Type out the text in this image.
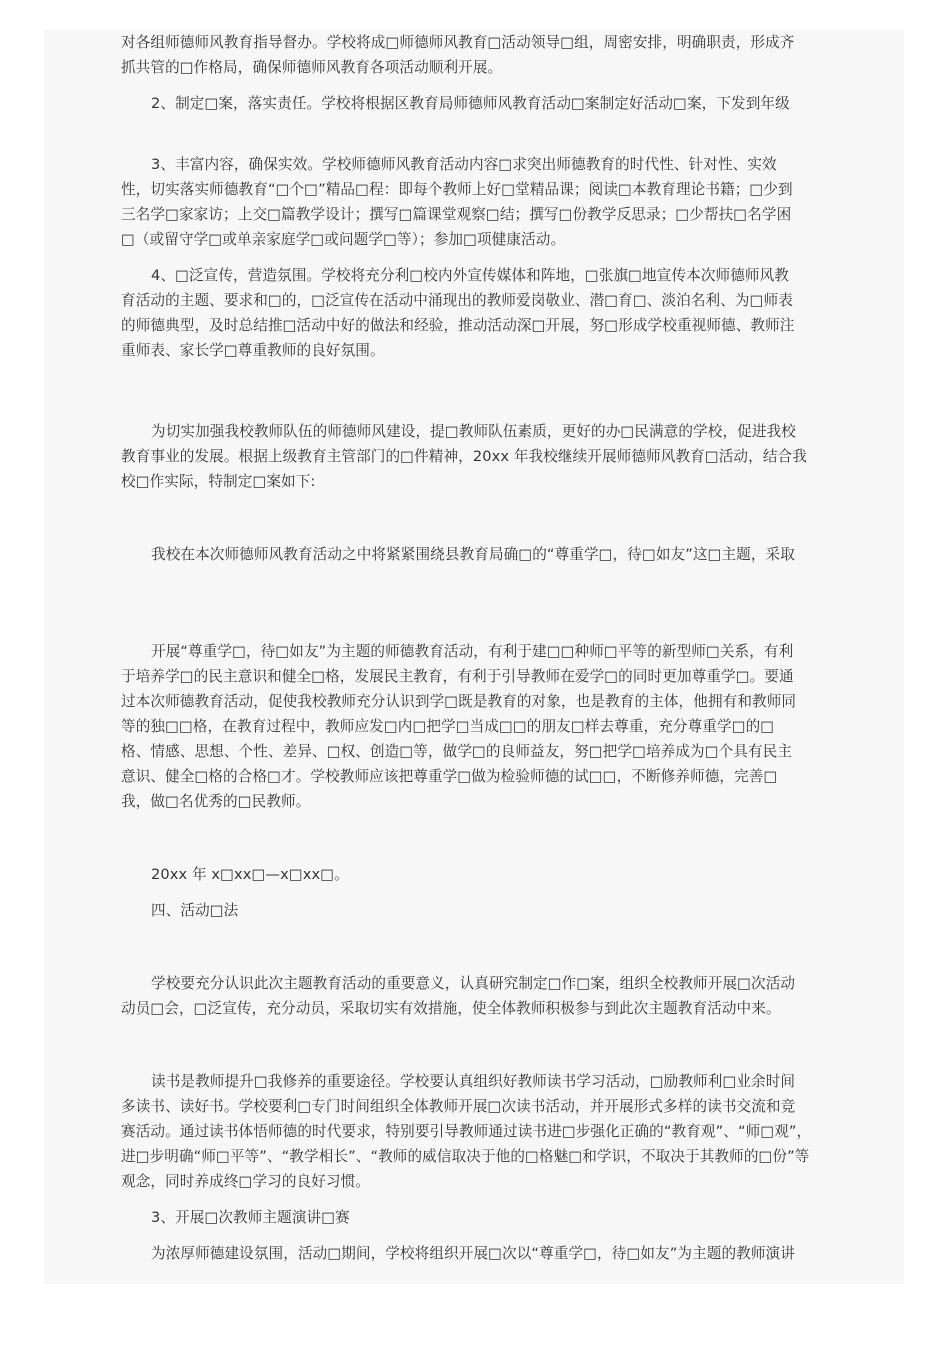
对各组师德师风教育指导督办。学校将成□师德师风教育□活动领导□组，周密安排，明确职责，形成齐
抓共管的□作格局，确保师德师风教育各项活动顺利开展。
2、制定□案，落实责任。学校将根据区教育局师德师风教育活动□案制定好活动□案，下发到年级
3、丰富内容，确保实效。学校师德师风教育活动内容□求突出师德教育的时代性、针对性、实效
性，切实落实师德教育“□个□”精品□程：即每个教师上好□堂精品课；阅读□本教育理论书籍；□少到
三名学□家家访；上交□篇教学设计；撰写□篇课堂观察□结；撰写□份教学反思录；□少帮扶□名学困
□（或留守学□或单亲家庭学□或问题学□等）；参加□项健康活动。
4、□泛宣传，营造氛围。学校将充分利□校内外宣传媒体和阵地，□张旗□地宣传本次师德师风教
育活动的主题、要求和□的，□泛宣传在活动中涌现出的教师爱岗敬业、潜□育□、淡泊名利、为□师表
的师德典型，及时总结推□活动中好的做法和经验，推动活动深□开展，努□形成学校重视师德、教师注
重师表、家长学□尊重教师的良好氛围。
为切实加强我校教师队伍的师德师风建设，提□教师队伍素质，更好的办□民满意的学校，促进我校
教育事业的发展。根据上级教育主管部门的□件精神，20xx 年我校继续开展师德师风教育□活动，结合我
校□作实际，特制定□案如下:
我校在本次师德师风教育活动之中将紧紧围绕县教育局确□的“尊重学□，待□如友”这□主题，采取
开展“尊重学□，待□如友”为主题的师德教育活动，有利于建□□种师□平等的新型师□关系，有利
于培养学□的民主意识和健全□格，发展民主教育，有利于引导教师在爱学□的同时更加尊重学□。要通
过本次师德教育活动，促使我校教师充分认识到学□既是教育的对象，也是教育的主体，他拥有和教师同
等的独□□格，在教育过程中，教师应发□内□把学□当成□□的朋友□样去尊重，充分尊重学□的□
格、情感、思想、个性、差异、□权、创造□等，做学□的良师益友，努□把学□培养成为□个具有民主
意识、健全□格的合格□才。学校教师应该把尊重学□做为检验师德的试□□，不断修养师德，完善□
我，做□名优秀的□民教师。
20xx 年 x□xx□—x□xx□。
四、活动□法
学校要充分认识此次主题教育活动的重要意义，认真研究制定□作□案，组织全校教师开展□次活动
动员□会，□泛宣传，充分动员，采取切实有效措施，使全体教师积极参与到此次主题教育活动中来。
读书是教师提升□我修养的重要途径。学校要认真组织好教师读书学习活动，□励教师利□业余时间
多读书、读好书。学校要利□专门时间组织全体教师开展□次读书活动，并开展形式多样的读书交流和竞
赛活动。通过读书体悟师德的时代要求，特别要引导教师通过读书进□步强化正确的“教育观”、“师□观”，
进□步明确“师□平等”、“教学相长”、“教师的威信取决于他的□格魅□和学识，不取决于其教师的□份”等
观念，同时养成终□学习的良好习惯。
3、开展□次教师主题演讲□赛
为浓厚师德建设氛围，活动□期间，学校将组织开展□次以“尊重学□，待□如友”为主题的教师演讲
